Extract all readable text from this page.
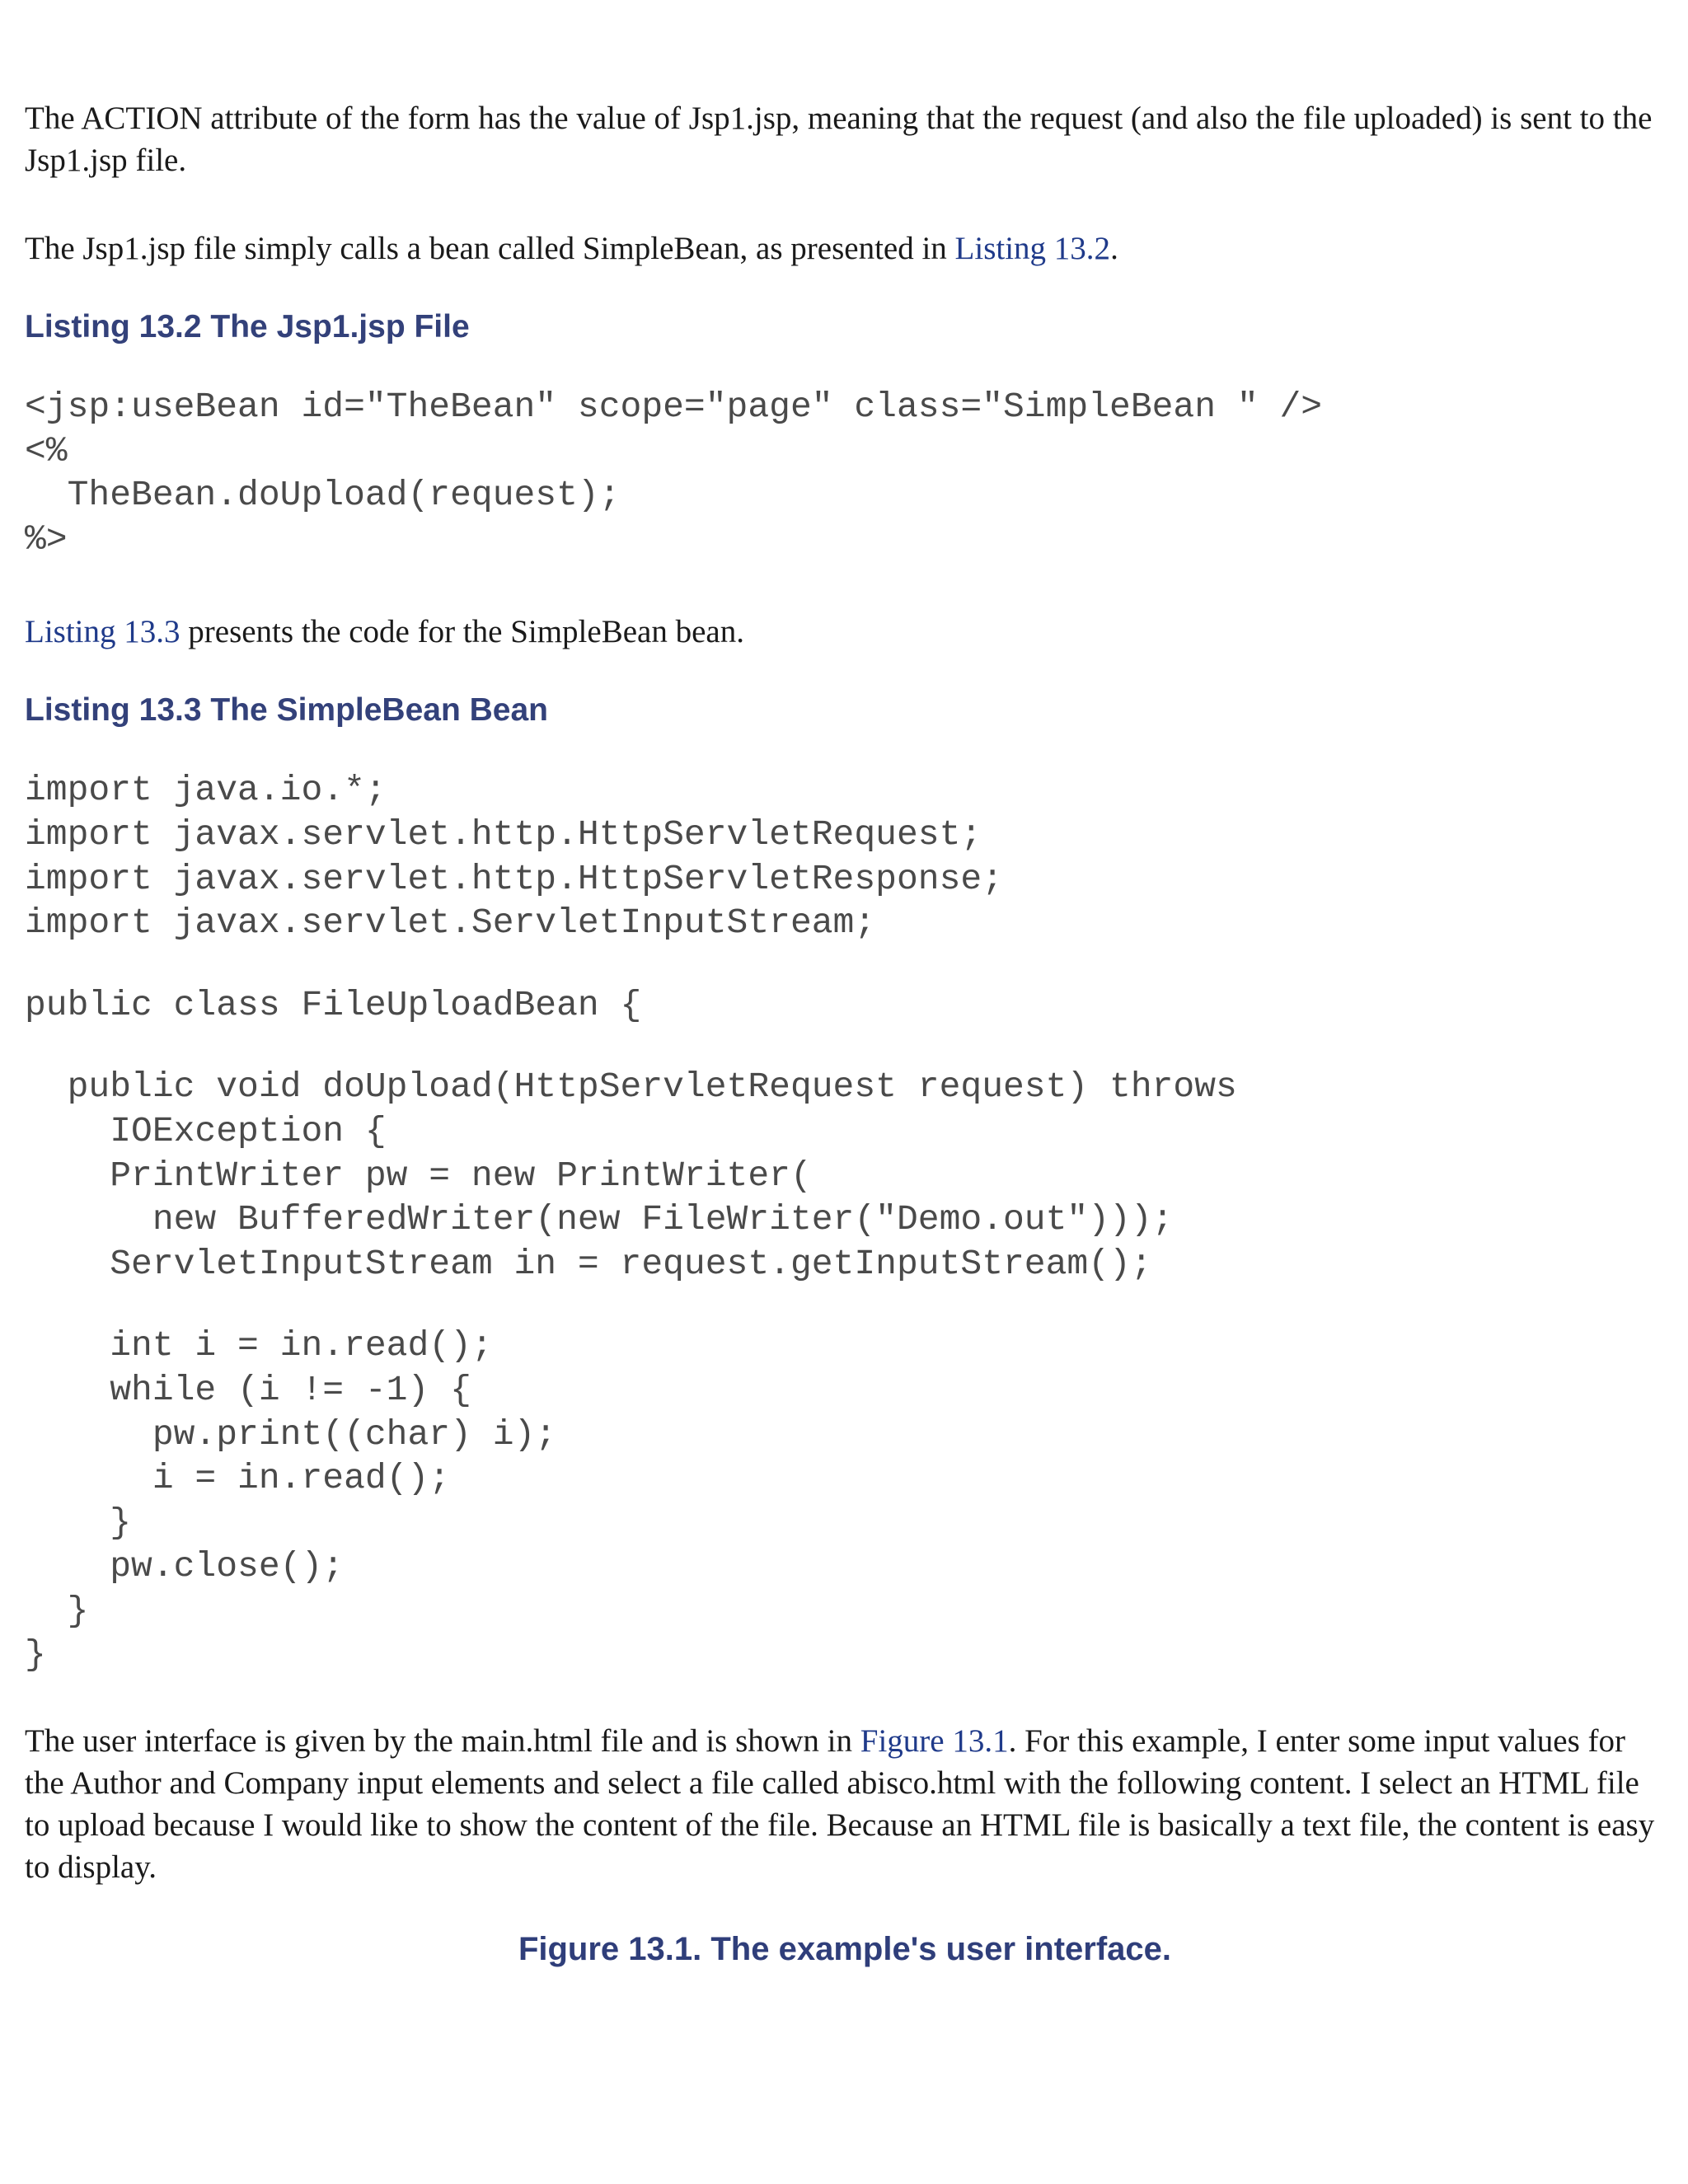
The ACTION attribute of the form has the value of Jsp1.jsp, meaning that the request (and also the file uploaded) is sent to the Jsp1.jsp file.

The Jsp1.jsp file simply calls a bean called SimpleBean, as presented in Listing 13.2.

Listing 13.2 The Jsp1.jsp File
<jsp:useBean id="TheBean" scope="page" class="SimpleBean " />
<%
TheBean.doUpload(request);
%>

Listing 13.3 presents the code for the SimpleBean bean.

Listing 13.3 The SimpleBean Bean
import java.io.*;
import javax.servlet.http.HttpServletRequest;
import javax.servlet.http.HttpServletResponse;
import javax.servlet.ServletInputStream;
public class FileUploadBean {
public void doUpload(HttpServletRequest request) throws
IOException {
PrintWriter pw = new PrintWriter(
new BufferedWriter(new FileWriter("Demo.out")));
ServletInputStream in = request.getInputStream();
int i = in.read();
while (i != -1) {
pw.print((char) i);
i = in.read();
}
pw.close();
}
}

The user interface is given by the main.html file and is shown in Figure 13.1. For this example, I enter some input values for the Author and Company input elements and select a file called abisco.html with the following content. I select an HTML file to upload because I would like to show the content of the file. Because an HTML file is basically a text file, the content is easy to display.

Figure 13.1. The example's user interface.
